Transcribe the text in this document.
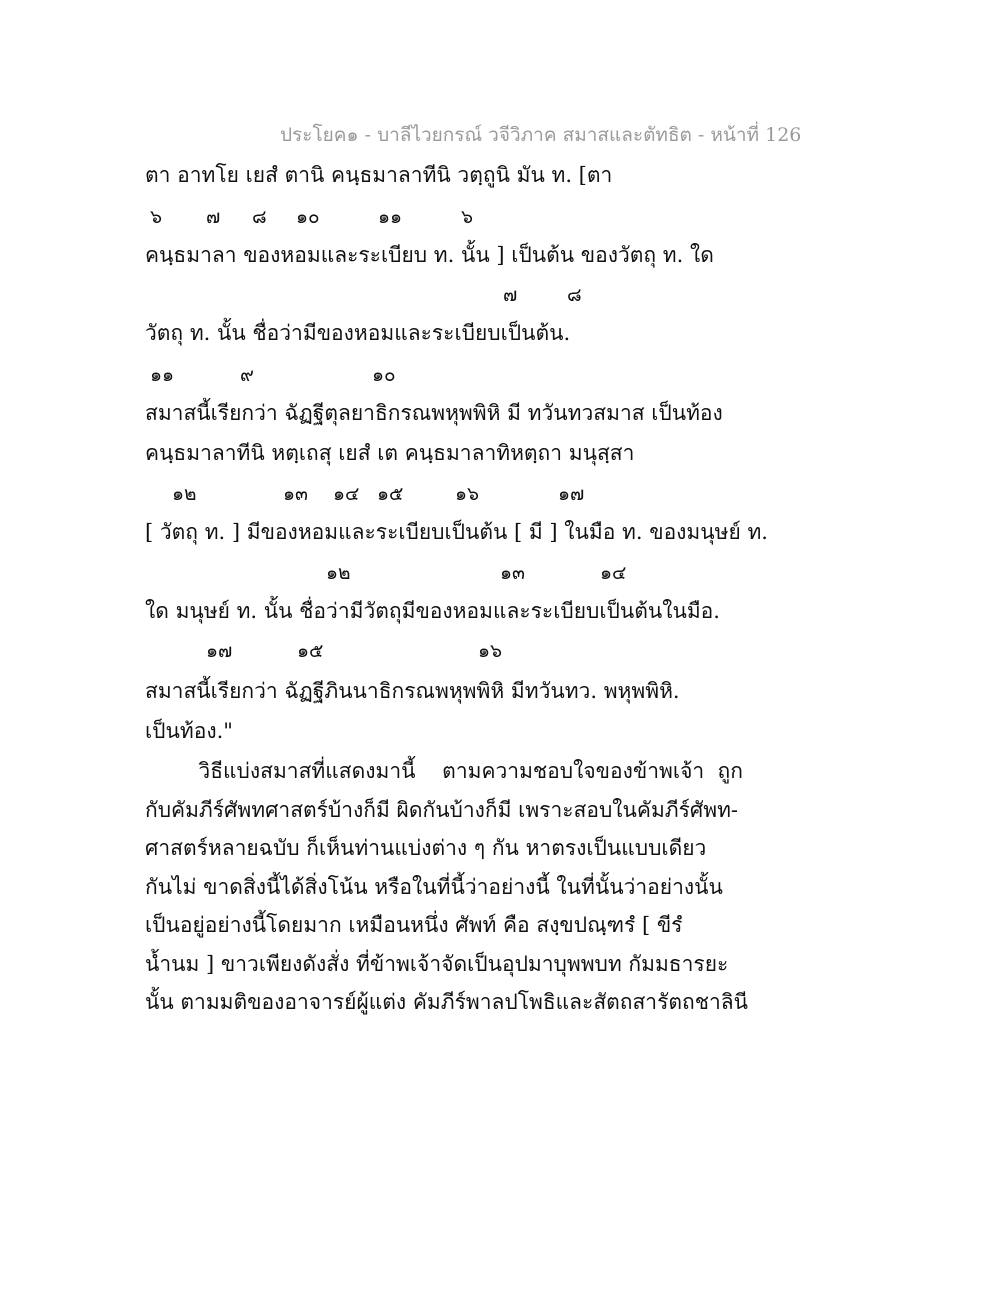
ประโยค๑ - บาลีไวยกรณ์ วจีวิภาค สมาสและตัทธิต - หน้าที่ 126
ตา อาทโย เยสํ ตานิ คนฺธมาลาทีนิ วตฺถูนิ มัน ท. [ตา
คนฺธมาลา ของหอมและระเบียบ ท. นั้น ] เป็นต้น ของวัตถุ ท. ใด
วัตถุ ท. นั้น ชื่อว่ามีของหอมและระเบียบเป็นต้น.
สมาสนี้เรียกว่า ฉัฏฐีตุลยาธิกรณพหุพพิหิ มี ทวันทวสมาส เป็นท้อง
คนฺธมาลาทีนิ หตฺเถสุ เยสํ เต คนฺธมาลาทิหตฺถา มนุสฺสา
[ วัตถุ ท. ] มีของหอมและระเบียบเป็นต้น [ มี ] ในมือ ท. ของมนุษย์ ท.
ใด มนุษย์ ท. นั้น ชื่อว่ามีวัตถุมีของหอมและระเบียบเป็นต้นในมือ.
สมาสนี้เรียกว่า ฉัฏฐีภินนาธิกรณพหุพพิหิ มีทวันทว. พหุพพิหิ.
เป็นท้อง."
๖ ๗ ๘ ๑๐	๑๑	๖
๗	๘
๑๑	๙	๑๐
๑๒	๑๓ ๑๔ ๑๕	๑๖	๑๗
๑๒	๑๓	๑๔
๑๗	๑๕	๑๖

วิธีแบ่งสมาสที่แสดงมานี้    ตามความชอบใจของข้าพเจ้า  ถูก

กับคัมภีร์ศัพทศาสตร์บ้างก็มี ผิดกันบ้างก็มี เพราะสอบในคัมภีร์ศัพท-

ศาสตร์หลายฉบับ ก็เห็นท่านแบ่งต่าง ๆ กัน หาตรงเป็นแบบเดียว

กันไม่ ขาดสิ่งนี้ได้สิ่งโน้น หรือในที่นี้ว่าอย่างนี้ ในที่นั้นว่าอย่างนั้น

เป็นอยู่อย่างนี้โดยมาก เหมือนหนึ่ง ศัพท์ คือ สงฺขปณฺฑรํ [ ขีรํ

น้ำนม ] ขาวเพียงดังสั่ง ที่ข้าพเจ้าจัดเป็นอุปมาบุพพบท กัมมธารยะ

นั้น ตามมติของอาจารย์ผู้แต่ง คัมภีร์พาลปโพธิและสัตถสารัตถชาลินี
